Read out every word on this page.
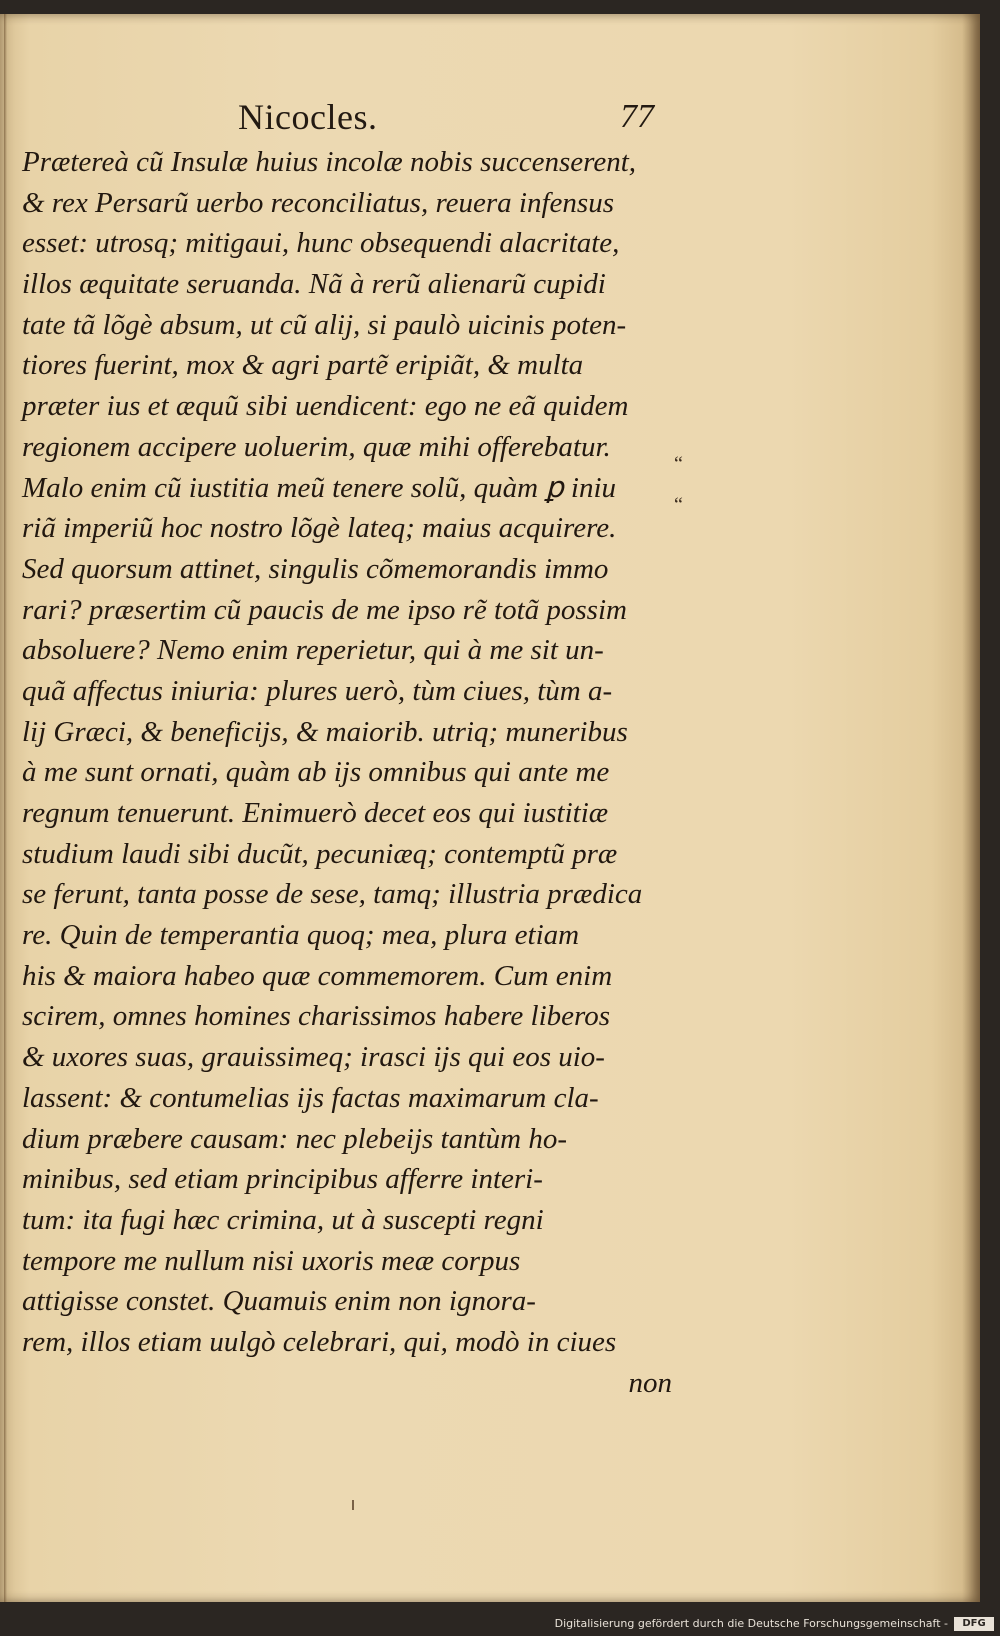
Nicocles.	77
Prætereà cũ Insulæ huius incolæ nobis succenserent,
& rex Persarũ uerbo reconciliatus, reuera infensus
esset: utrosq; mitigaui, hunc obsequendi alacritate,
illos æquitate seruanda. Nã à rerũ alienarũ cupidi
tate tã lõgè absum, ut cũ alij, si paulò uicinis poten-
tiores fuerint, mox & agri partẽ eripiãt, & multa
præter ius et æquũ sibi uendicent: ego ne eã quidem
regionem accipere uoluerim, quæ mihi offerebatur.
Malo enim cũ iustitia meũ tenere solũ, quàm ꝑ iniu
riã imperiũ hoc nostro lõgè lateq; maius acquirere.
Sed quorsum attinet, singulis cõmemorandis immo
rari? præsertim cũ paucis de me ipso rẽ totã possim
absoluere? Nemo enim reperietur, qui à me sit un-
quã affectus iniuria: plures uerò, tùm ciues, tùm a-
lij Græci, & beneficijs, & maiorib. utriq; muneribus
à me sunt ornati, quàm ab ijs omnibus qui ante me
regnum tenuerunt. Enimuerò decet eos qui iustitiæ
studium laudi sibi ducũt, pecuniæq; contemptũ præ
se ferunt, tanta posse de sese, tamq; illustria prædica
re. Quin de temperantia quoq; mea, plura etiam
his & maiora habeo quæ commemorem. Cum enim
scirem, omnes homines charissimos habere liberos
& uxores suas, grauissimeq; irasci ijs qui eos uio-
lassent: & contumelias ijs factas maximarum cla-
dium præbere causam: nec plebeijs tantùm ho-
minibus, sed etiam principibus afferre interi-
tum: ita fugi hæc crimina, ut à suscepti regni
tempore me nullum nisi uxoris meæ corpus
attigisse constet. Quamuis enim non ignora-
rem, illos etiam uulgò celebrari, qui, modò in ciues
non
“
“
Digitalisierung gefördert durch die Deutsche Forschungsgemeinschaft -	DFG
